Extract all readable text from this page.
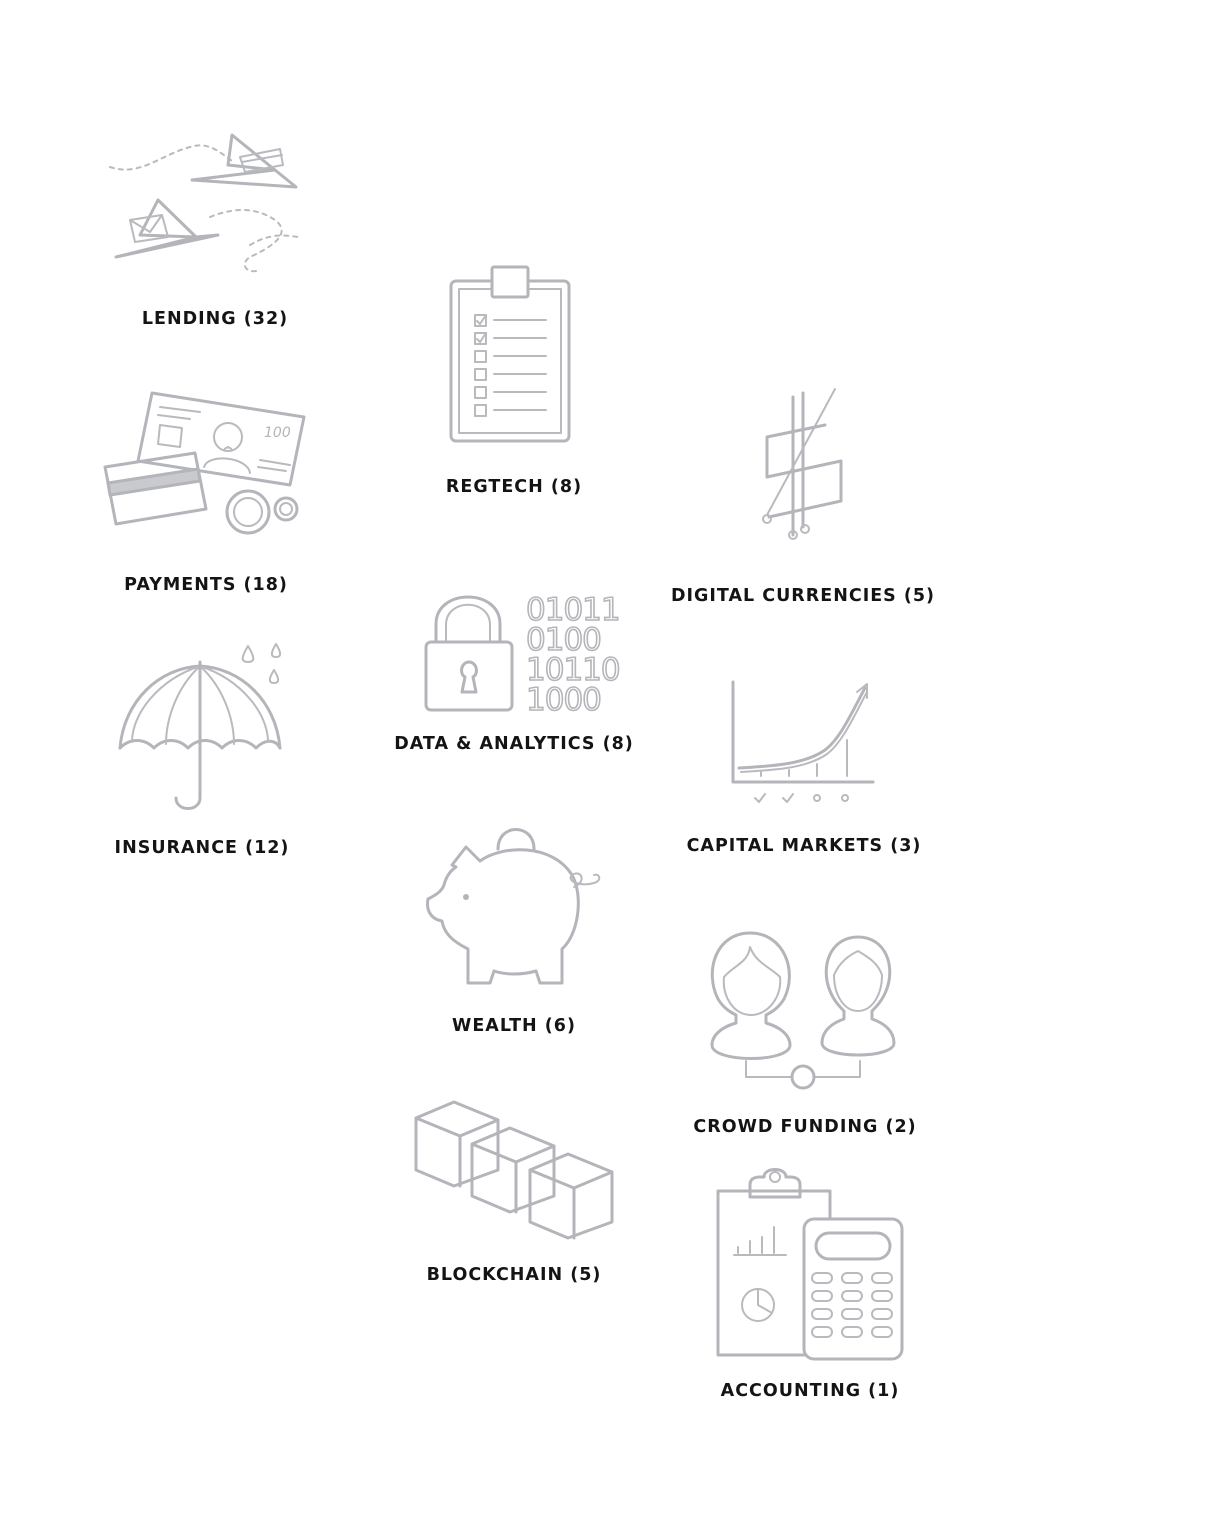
LENDING (32)
100
PAYMENTS (18)
INSURANCE (12)
REGTECH (8)
01011
0100
10110
1000
DATA & ANALYTICS (8)
WEALTH (6)
BLOCKCHAIN (5)
DIGITAL CURRENCIES (5)
CAPITAL MARKETS (3)
CROWD FUNDING (2)
ACCOUNTING (1)
